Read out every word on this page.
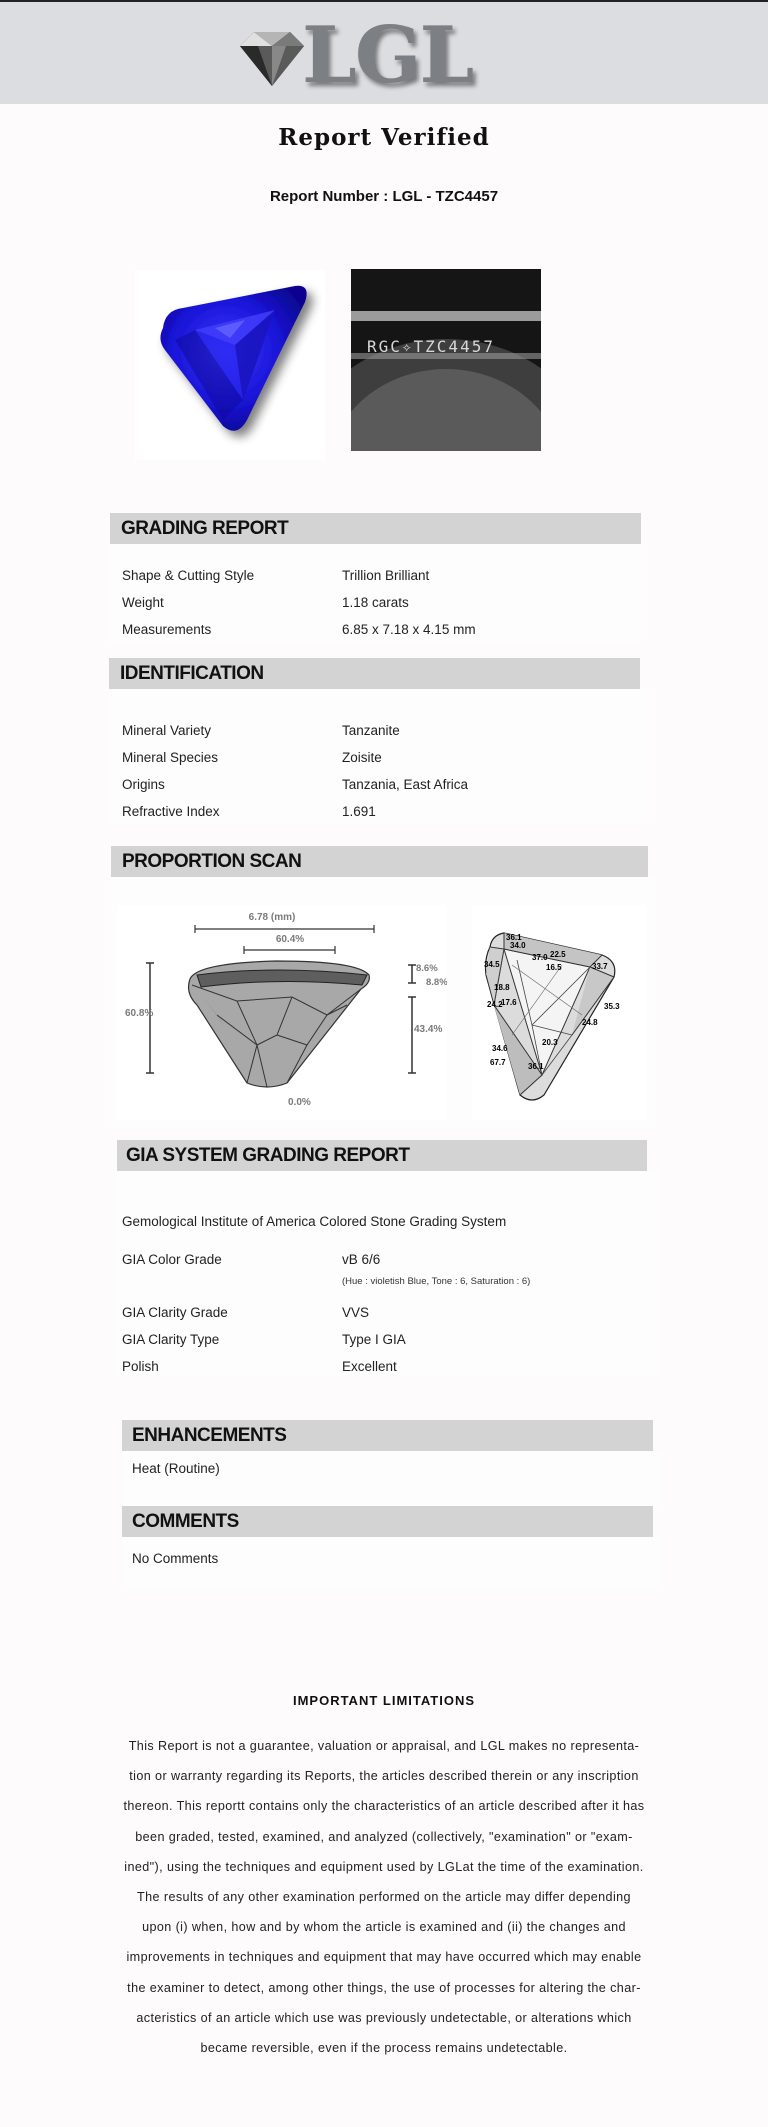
LGL
Report Verified
Report Number : LGL - TZC4457
RGC✧TZC4457
GRADING REPORT
Shape & Cutting Style	Trillion Brilliant
Weight	1.18 carats
Measurements	6.85 x 7.18 x 4.15 mm
IDENTIFICATION
Mineral Variety	Tanzanite
Mineral Species	Zoisite
Origins	Tanzania, East Africa
Refractive Index	1.691
PROPORTION SCAN
6.78 (mm)
60.4%
60.8%
8.6%
8.8%
43.4%
0.0%
36.1
34.0
34.5
37.0 22.5
16.5	33.7
18.8
24.2
17.6	35.3
24.8
34.6
20.3
67.7	36.1
GIA SYSTEM GRADING REPORT
Gemological Institute of America Colored Stone Grading System
GIA Color Grade	vB 6/6
(Hue : violetish Blue, Tone : 6, Saturation : 6)
GIA Clarity Grade	VVS
GIA Clarity Type	Type I GIA
Polish	Excellent
ENHANCEMENTS
Heat (Routine)
COMMENTS
No Comments
IMPORTANT LIMITATIONS
This Report is not a guarantee, valuation or appraisal, and LGL makes no representa-
tion or warranty regarding its Reports, the articles described therein or any inscription
thereon. This reportt contains only the characteristics of an article described after it has
been graded, tested, examined, and analyzed (collectively, "examination" or "exam-
ined"), using the techniques and equipment used by LGLat the time of the examination.
The results of any other examination performed on the article may differ depending
upon (i) when, how and by whom the article is examined and (ii) the changes and
improvements in techniques and equipment that may have occurred which may enable
the examiner to detect, among other things, the use of processes for altering the char-
acteristics of an article which use was previously undetectable, or alterations which
became reversible, even if the process remains undetectable.
